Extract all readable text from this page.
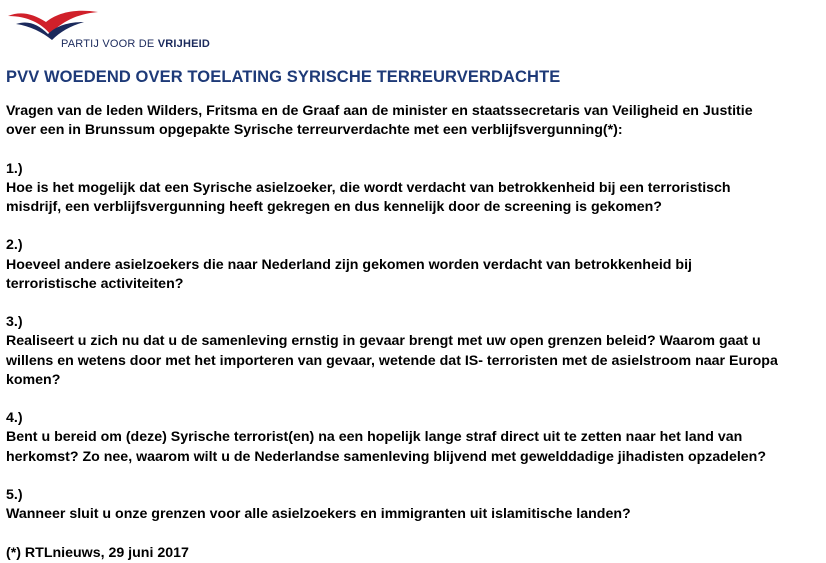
PARTIJ VOOR DE VRIJHEID
PVV WOEDEND OVER TOELATING SYRISCHE TERREURVERDACHTE

Vragen van de leden Wilders, Fritsma en de Graaf aan de minister en staatssecretaris van Veiligheid en Justitie

over een in Brunssum opgepakte Syrische terreurverdachte met een verblijfsvergunning(*):

1.)

Hoe is het mogelijk dat een Syrische asielzoeker, die wordt verdacht van betrokkenheid bij een terroristisch

misdrijf, een verblijfsvergunning heeft gekregen en dus kennelijk door de screening is gekomen?

2.)

Hoeveel andere asielzoekers die naar Nederland zijn gekomen worden verdacht van betrokkenheid bij

terroristische activiteiten?

3.)

Realiseert u zich nu dat u de samenleving ernstig in gevaar brengt met uw open grenzen beleid? Waarom gaat u

willens en wetens door met het importeren van gevaar, wetende dat IS- terroristen met de asielstroom naar Europa

komen?

4.)

Bent u bereid om (deze) Syrische terrorist(en) na een hopelijk lange straf direct uit te zetten naar het land van

herkomst? Zo nee, waarom wilt u de Nederlandse samenleving blijvend met gewelddadige jihadisten opzadelen?

5.)

Wanneer sluit u onze grenzen voor alle asielzoekers en immigranten uit islamitische landen?

(*) RTLnieuws, 29 juni 2017
